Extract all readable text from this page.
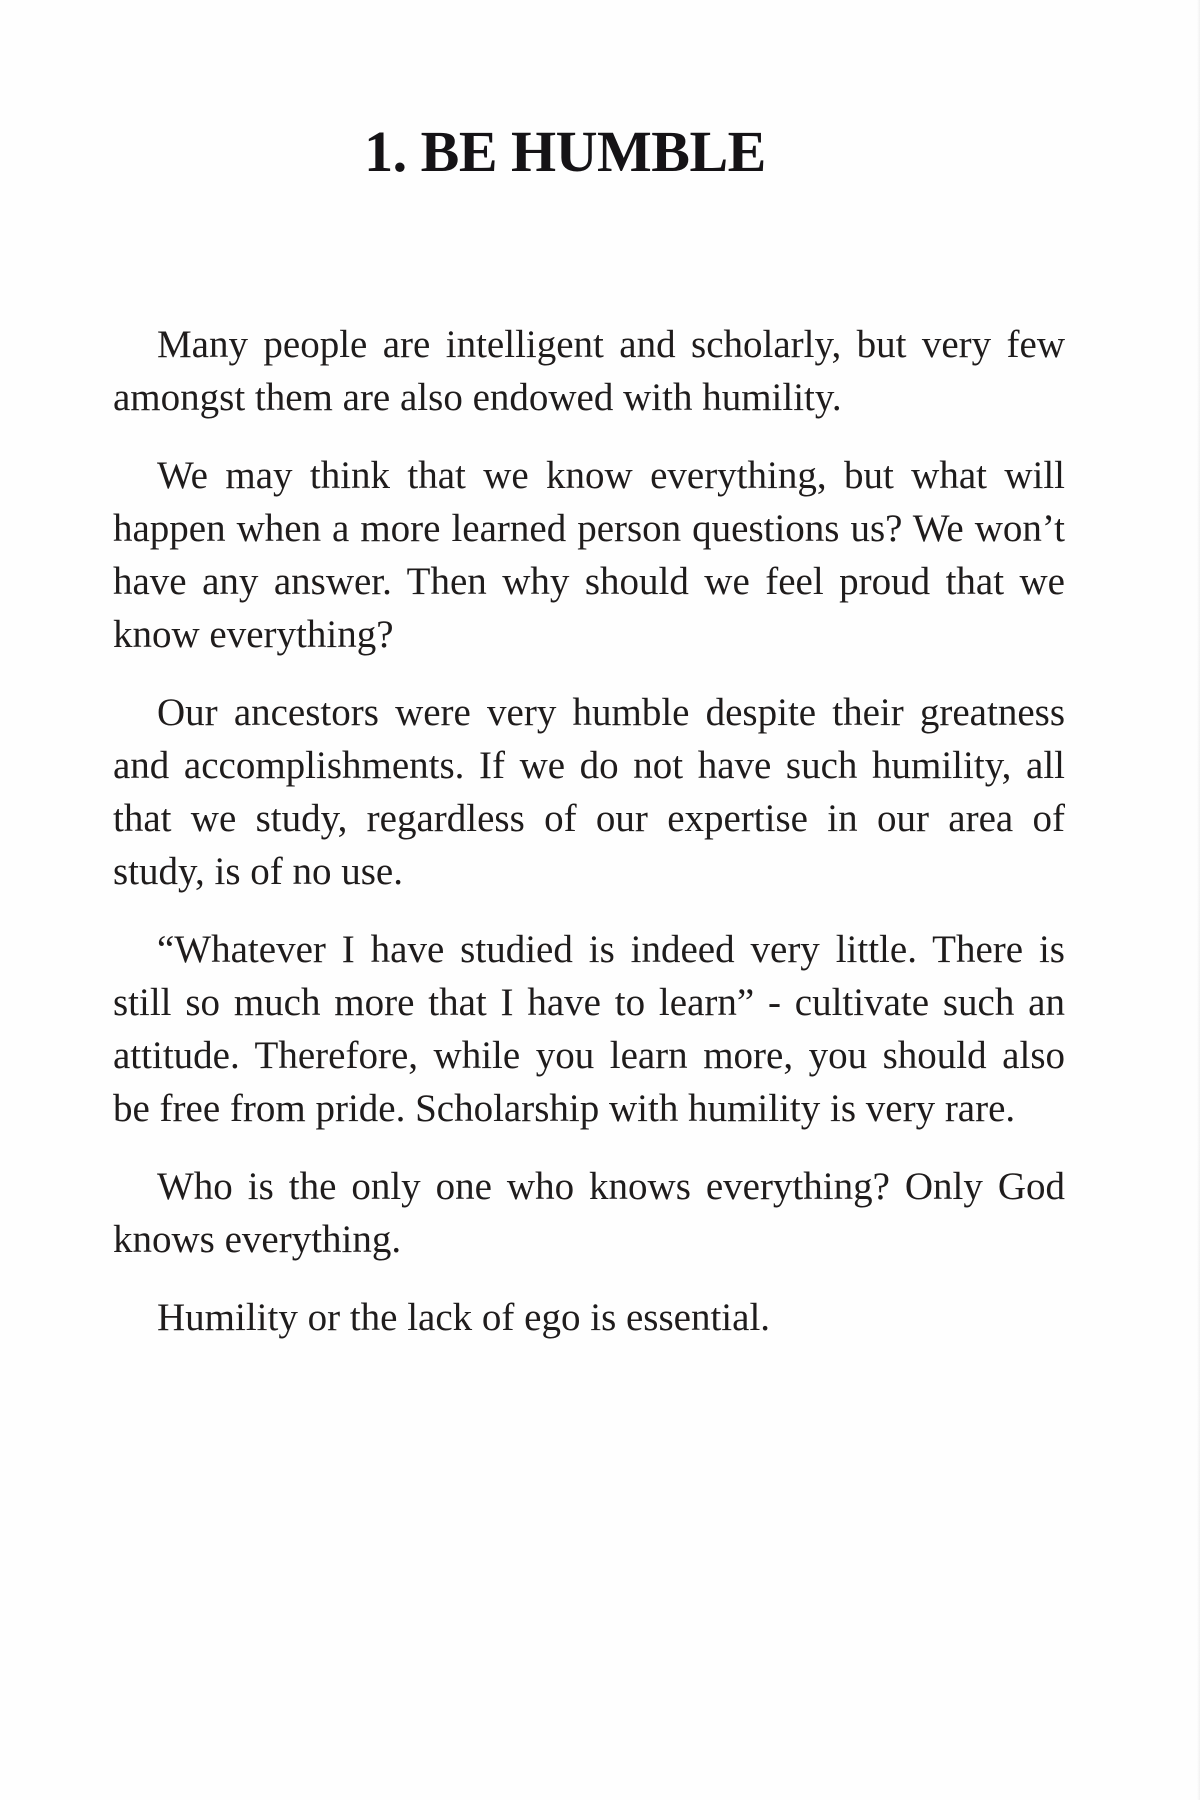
1. BE HUMBLE

Many people are intelligent and scholarly, but very few amongst them are also endowed with humility.

We may think that we know everything, but what will happen when a more learned person questions us? We won’t have any answer. Then why should we feel proud that we know everything?

Our ancestors were very humble despite their greatness and accomplishments. If we do not have such humility, all that we study, regardless of our expertise in our area of study, is of no use.

“Whatever I have studied is indeed very little. There is still so much more that I have to learn” - cultivate such an attitude. Therefore, while you learn more, you should also be free from pride. Scholarship with humility is very rare.

Who is the only one who knows everything? Only God knows everything.

Humility or the lack of ego is essential.
